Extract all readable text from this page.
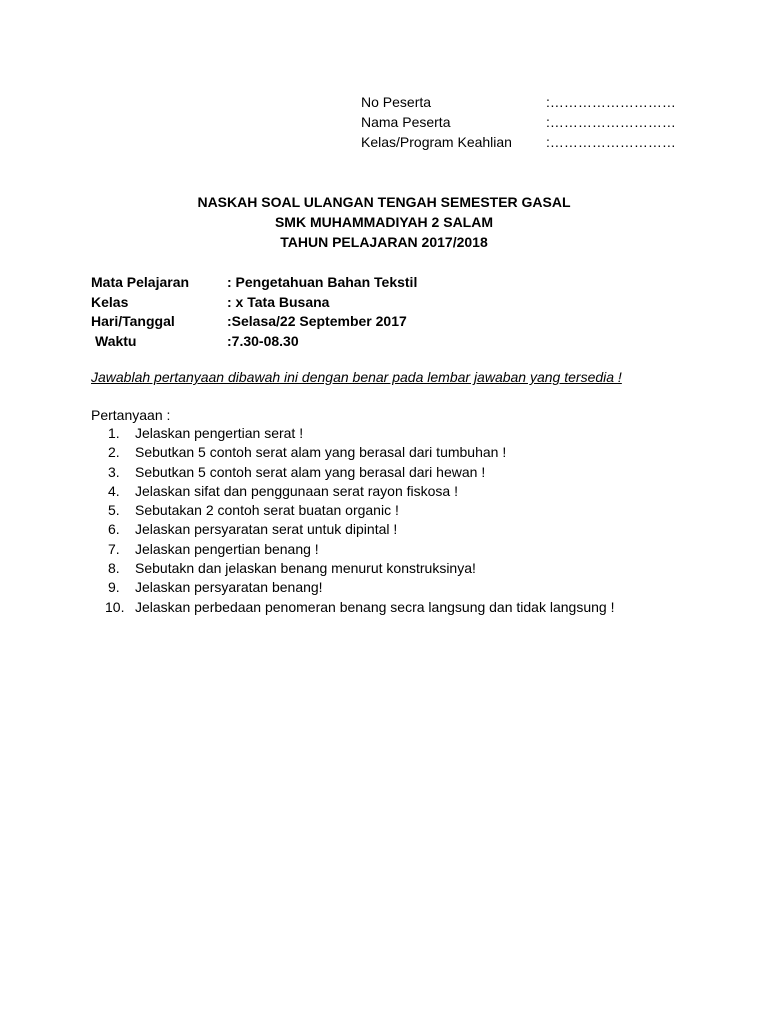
No Peserta	:………………………
Nama Peserta	:………………………
Kelas/Program Keahlian	:………………………
NASKAH SOAL ULANGAN TENGAH SEMESTER GASAL
SMK MUHAMMADIYAH 2 SALAM
TAHUN PELAJARAN 2017/2018
Mata Pelajaran	: Pengetahuan Bahan Tekstil
Kelas	: x Tata Busana
Hari/Tanggal	:Selasa/22 September 2017
Waktu	:7.30-08.30
Jawablah pertanyaan dibawah ini dengan benar pada lembar jawaban yang tersedia !
Pertanyaan :
1.	Jelaskan pengertian serat !
2.	Sebutkan 5 contoh serat alam yang berasal dari tumbuhan !
3.	Sebutkan 5 contoh serat alam yang berasal dari hewan !
4.	Jelaskan sifat dan penggunaan serat rayon fiskosa !
5.	Sebutakan 2 contoh serat buatan organic !
6.	Jelaskan persyaratan serat untuk dipintal !
7.	Jelaskan pengertian benang !
8.	Sebutakn dan jelaskan benang menurut konstruksinya!
9.	Jelaskan persyaratan benang!
10. Jelaskan perbedaan penomeran benang secra langsung dan tidak langsung !
